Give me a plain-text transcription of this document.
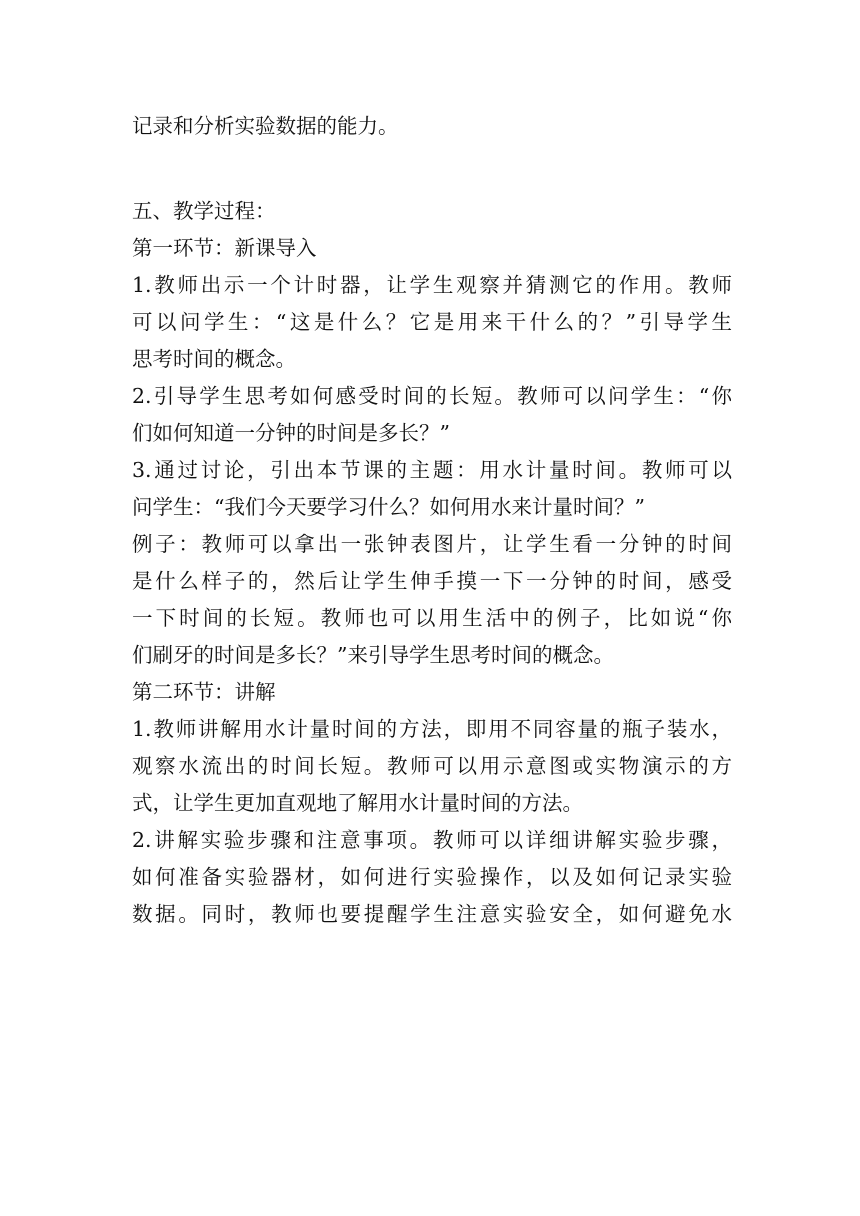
记录和分析实验数据的能力。
五、教学过程：
第一环节：新课导入
1.教师出示一个计时器，让学生观察并猜测它的作用。教师
可以问学生：“这是什么？它是用来干什么的？”引导学生
思考时间的概念。
2.引导学生思考如何感受时间的长短。教师可以问学生：“你
们如何知道一分钟的时间是多长？”
3.通过讨论，引出本节课的主题：用水计量时间。教师可以
问学生：“我们今天要学习什么？如何用水来计量时间？”
例子：教师可以拿出一张钟表图片，让学生看一分钟的时间
是什么样子的，然后让学生伸手摸一下一分钟的时间，感受
一下时间的长短。教师也可以用生活中的例子，比如说“你
们刷牙的时间是多长？”来引导学生思考时间的概念。
第二环节：讲解
1.教师讲解用水计量时间的方法，即用不同容量的瓶子装水，
观察水流出的时间长短。教师可以用示意图或实物演示的方
式，让学生更加直观地了解用水计量时间的方法。
2.讲解实验步骤和注意事项。教师可以详细讲解实验步骤，
如何准备实验器材，如何进行实验操作，以及如何记录实验
数据。同时，教师也要提醒学生注意实验安全，如何避免水
